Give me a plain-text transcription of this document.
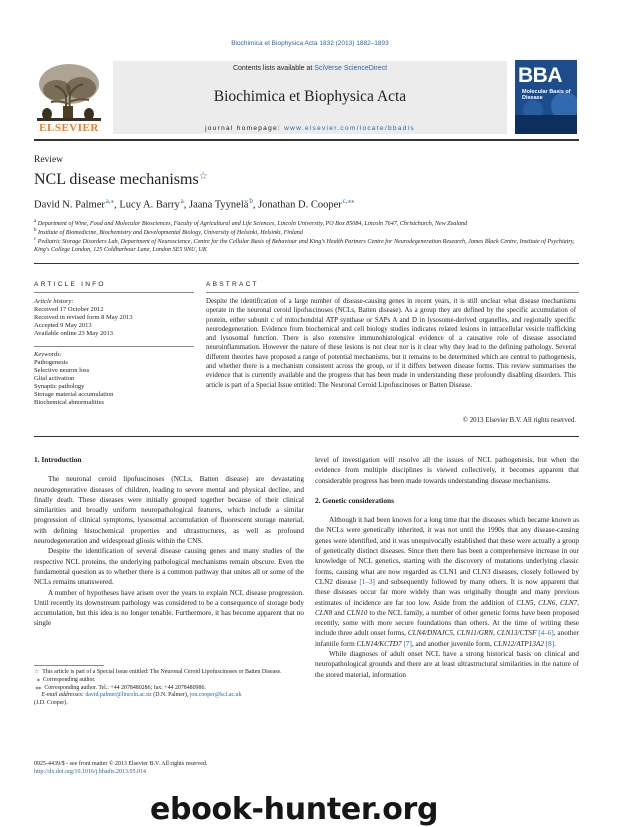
Biochimica et Biophysica Acta 1832 (2013) 1882–1893
Contents lists available at SciVerse ScienceDirect
Biochimica et Biophysica Acta
journal homepage: www.elsevier.com/locate/bbadis
ELSEVIER
BBA
Molecular Basis of Disease
Review
NCL disease mechanisms☆
David N. Palmer $^{a,⁎}$, Lucy A. Barry $^a$, Jaana Tyynelä $^b$, Jonathan D. Cooper $^{c,⁎⁎}$
$^a$ Department of Wine, Food and Molecular Biosciences, Faculty of Agricultural and Life Sciences, Lincoln University, PO Box 85084, Lincoln 7647, Christchurch, New Zealand
$^b$ Institute of Biomedicine, Biochemistry and Developmental Biology, University of Helsinki, Helsinki, Finland
$^c$ Pediatric Storage Disorders Lab, Department of Neuroscience, Centre for the Cellular Basis of Behaviour and King's Health Partners Centre for Neurodegeneration Research, James Black Centre, Institute of Psychiatry, King's College London, 125 Coldharbour Lane, London SE5 9NU, UK
ARTICLE INFO
Article history:
Received 17 October 2012
Received in revised form 8 May 2013
Accepted 9 May 2013
Available online 23 May 2013
Keywords:
Pathogenesis
Selective neuron loss
Glial activation
Synaptic pathology
Storage material accumulation
Biochemical abnormalities
ABSTRACT
Despite the identification of a large number of disease-causing genes in recent years, it is still unclear what disease mechanisms operate in the neuronal ceroid lipofuscinoses (NCLs, Batten disease). As a group they are defined by the specific accumulation of protein, either subunit c of mitochondrial ATP synthase or SAPs A and D in lysosome-derived organelles, and regionally specific neurodegeneration. Evidence from biochemical and cell biology studies indicates related lesions in intracellular vesicle trafficking and lysosomal function. There is also extensive immunohistological evidence of a causative role of disease associated neuroinflammation. However the nature of these lesions is not clear nor is it clear why they lead to the defining pathology. Several different theories have proposed a range of potential mechanisms, but it remains to be determined which are central to pathogenesis, and whether there is a mechanism consistent across the group, or if it differs between disease forms. This review summarises the evidence that is currently available and the progress that has been made in understanding these profoundly disabling disorders. This article is part of a Special Issue entitled: The Neuronal Ceroid Lipofuscinoses or Batten Disease.
© 2013 Elsevier B.V. All rights reserved.
1. Introduction

The neuronal ceroid lipofuscinoses (NCLs, Batten disease) are devastating neurodegenerative diseases of children, leading to severe mental and physical decline, and finally death. These diseases were initially grouped together because of their clinical similarities and broadly uniform neuropathological features, which include a similar progression of clinical symptoms, lysosomal accumulation of fluorescent storage material, with defining histochemical properties and ultrastructures, as well as profound neurodegeneration and widespread gliosis within the CNS.

Despite the identification of several disease causing genes and many studies of the respective NCL proteins, the underlying pathological mechanisms remain obscure. Even the fundamental question as to whether there is a common pathway that unites all or some of the NCLs remains unanswered.

A number of hypotheses have arisen over the years to explain NCL disease progression. Until recently its downstream pathology was considered to be a consequence of storage body accumulation, but this idea is no longer tenable. Furthermore, it has become apparent that no single

level of investigation will resolve all the issues of NCL pathogenesis, but when the evidence from multiple disciplines is viewed collectively, it becomes apparent that considerable progress has been made towards understanding disease mechanisms.

2. Genetic considerations

Although it had been known for a long time that the diseases which became known as the NCLs were genetically inherited, it was not until the 1990s that any disease-causing genes were identified, and it was unequivocally established that these were actually a group of genetically distinct diseases. Since then there has been a comprehensive increase in our knowledge of NCL genetics, starting with the discovery of mutations underlying classic forms, causing what are now regarded as CLN1 and CLN3 diseases, closely followed by CLN2 disease [1–3] and subsequently followed by many others. It is now apparent that these diseases occur far more widely than was originally thought and many previous estimates of incidence are far too low. Aside from the addition of CLN5, CLN6, CLN7, CLN8 and CLN10 to the NCL family, a number of other genetic forms have been proposed recently, some with more secure foundations than others. At the time of writing these include three adult onset forms, CLN4/DNAJC5, CLN11/GRN, CLN13/CTSF [4–6], another infantile form CLN14/KCTD7 [7], and another juvenile form, CLN12/ATP13A2 [8].

While diagnoses of adult onset NCL have a strong historical basis on clinical and neuropathological grounds and there are at least ultrastructural similarities in the nature of the stored material, information

☆ This article is part of a Special Issue entitled: The Neuronal Ceroid Lipofuscinoses or Batten Disease.
⁎  Corresponding author.
⁎⁎  Corresponding author. Tel.: +44 2078480286; fax: +44 2078480986.
E-mail addresses: david.palmer@lincoln.ac.nz (D.N. Palmer), jon.cooper@kcl.ac.uk
(J.D. Cooper).
0925-4439/$ - see front matter © 2013 Elsevier B.V. All rights reserved.
http://dx.doi.org/10.1016/j.bbadis.2013.05.014
ebook-hunter.org
